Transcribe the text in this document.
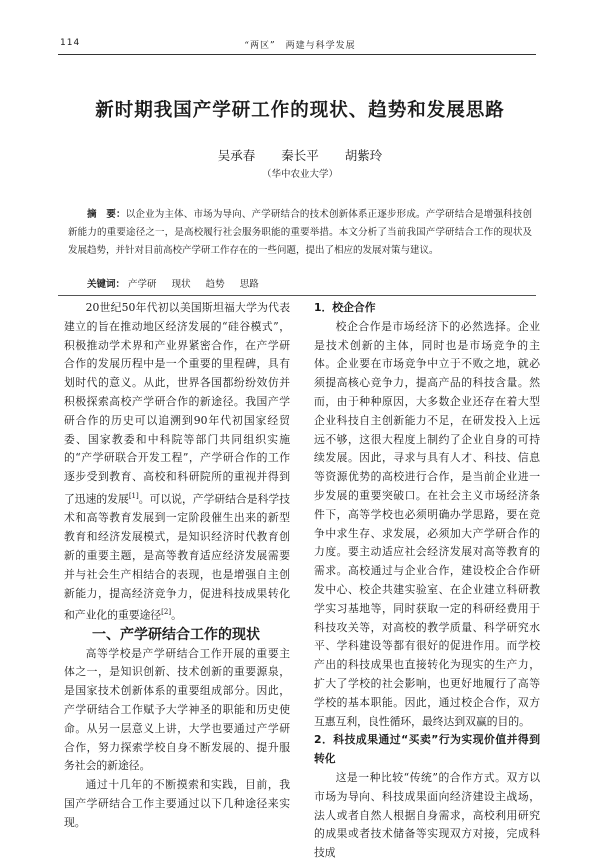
114	“两区”　两建与科学发展
新时期我国产学研工作的现状、趋势和发展思路
吴承春 秦长平 胡紫玲
（华中农业大学）
摘　要：以企业为主体、市场为导向、产学研结合的技术创新体系正逐步形成。产学研结合是增强科技创新能力的重要途径之一，是高校履行社会服务职能的重要举措。本文分析了当前我国产学研结合工作的现状及发展趋势，并针对目前高校产学研工作存在的一些问题，提出了相应的发展对策与建议。
关键词： 产学研 现状 趋势 思路

20世纪50年代初以美国斯坦福大学为代表建立的旨在推动地区经济发展的“硅谷模式”，积极推动学术界和产业界紧密合作，在产学研合作的发展历程中是一个重要的里程碑，具有划时代的意义。从此，世界各国都纷纷效仿并积极探索高校产学研合作的新途径。我国产学研合作的历史可以追溯到90年代初国家经贸委、国家教委和中科院等部门共同组织实施的“产学研联合开发工程”，产学研合作的工作逐步受到教育、高校和科研院所的重视并得到了迅速的发展[1]。可以说，产学研结合是科学技术和高等教育发展到一定阶段催生出来的新型教育和经济发展模式，是知识经济时代教育创新的重要主题，是高等教育适应经济发展需要并与社会生产相结合的表现，也是增强自主创新能力，提高经济竞争力，促进科技成果转化和产业化的重要途径[2]。

一、产学研结合工作的现状

高等学校是产学研结合工作开展的重要主体之一，是知识创新、技术创新的重要源泉，是国家技术创新体系的重要组成部分。因此，产学研结合工作赋予大学神圣的职能和历史使命。从另一层意义上讲，大学也要通过产学研合作，努力探索学校自身不断发展的、提升服务社会的新途径。

通过十几年的不断摸索和实践，目前，我国产学研结合工作主要通过以下几种途径来实现。

1．校企合作

校企合作是市场经济下的必然选择。企业是技术创新的主体，同时也是市场竞争的主体。企业要在市场竞争中立于不败之地，就必须提高核心竞争力，提高产品的科技含量。然而，由于种种原因，大多数企业还存在着大型企业科技自主创新能力不足，在研发投入上远远不够，这很大程度上制约了企业自身的可持续发展。因此，寻求与具有人才、科技、信息等资源优势的高校进行合作，是当前企业进一步发展的重要突破口。在社会主义市场经济条件下，高等学校也必须明确办学思路，要在竞争中求生存、求发展，必须加大产学研合作的力度。要主动适应社会经济发展对高等教育的需求。高校通过与企业合作，建设校企合作研发中心、校企共建实验室、在企业建立科研教学实习基地等，同时获取一定的科研经费用于科技攻关等，对高校的教学质量、科学研究水平、学科建设等都有很好的促进作用。而学校产出的科技成果也直接转化为现实的生产力，扩大了学校的社会影响，也更好地履行了高等学校的基本职能。因此，通过校企合作，双方互惠互利，良性循环，最终达到双赢的目的。

2．科技成果通过“买卖”行为实现价值并得到转化

这是一种比较“传统”的合作方式。双方以市场为导向、科技成果面向经济建设主战场，法人或者自然人根据自身需求，高校利用研究的成果或者技术储备等实现双方对接，完成科技成
